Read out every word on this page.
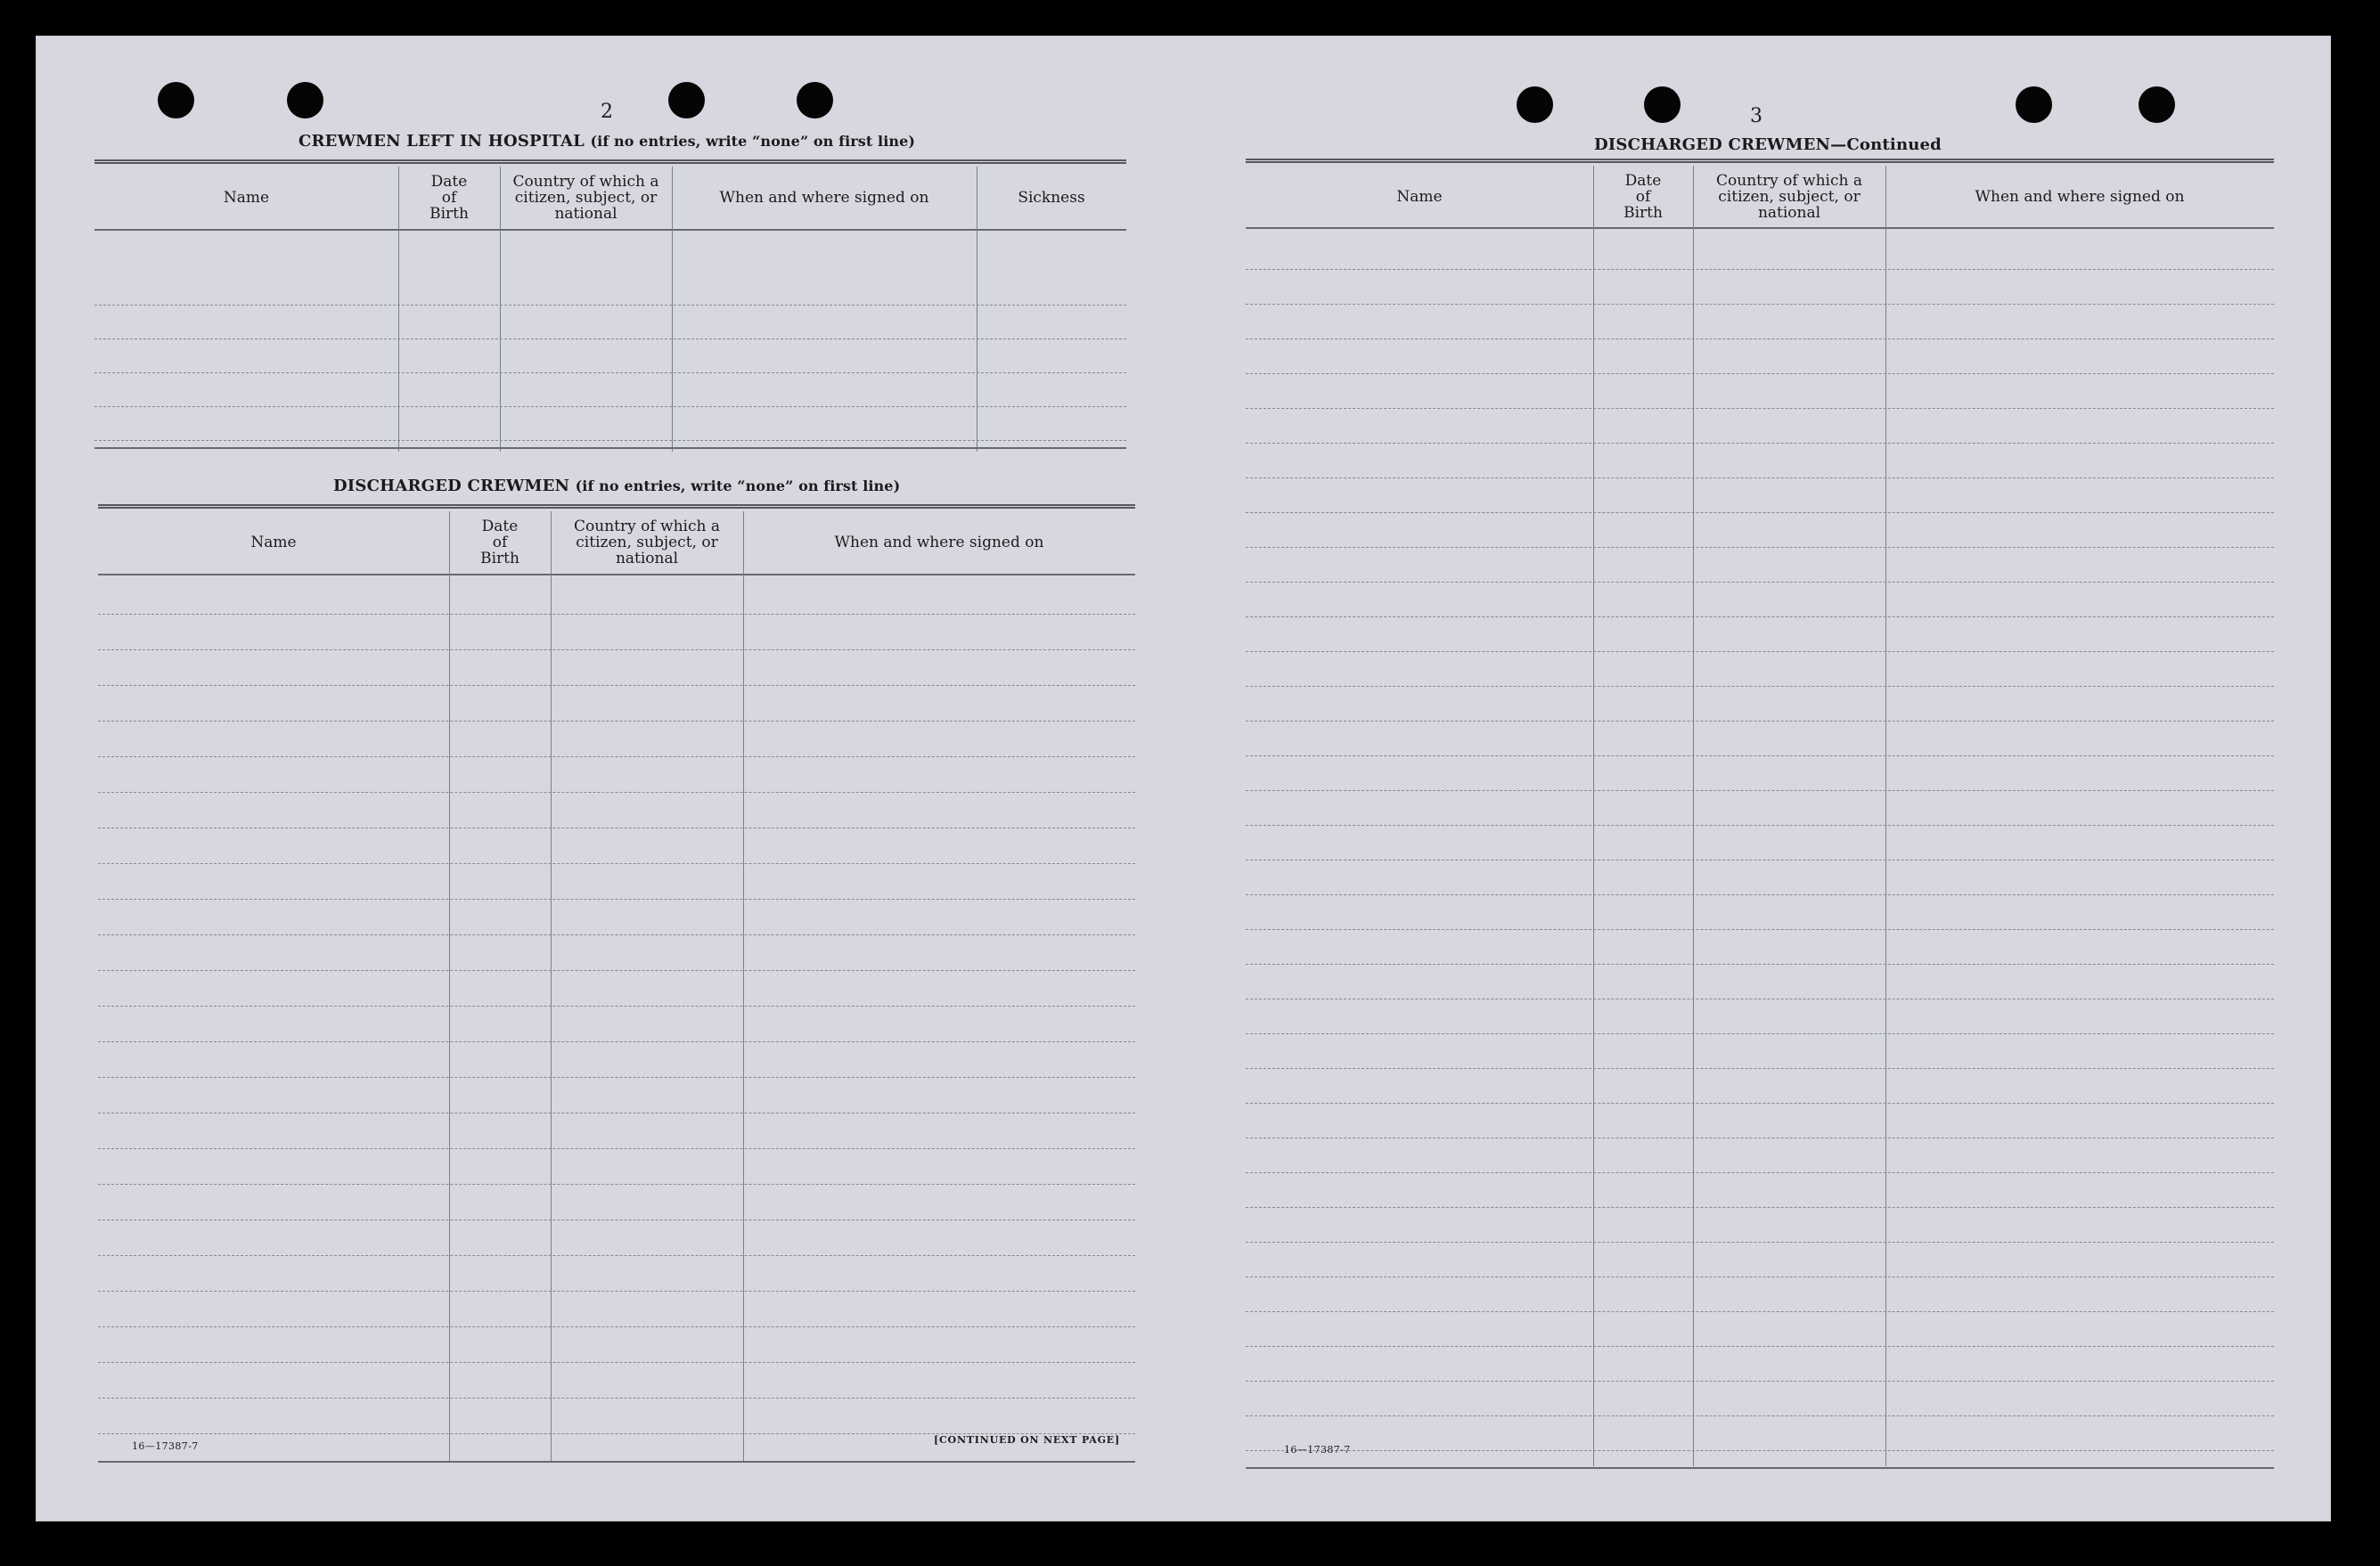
2
CREWMEN LEFT IN HOSPITAL (if no entries, write “none” on first line)
Name
Date
of
Birth
Country of which a
citizen, subject, or
national
When and where signed on	Sickness
DISCHARGED CREWMEN (if no entries, write “none” on first line)
Name
Date
of
Birth
Country of which a
citizen, subject, or
national
When and where signed on
16—17387-7
[CONTINUED ON NEXT PAGE]
3
DISCHARGED CREWMEN—Continued
Name
Date
of
Birth
Country of which a
citizen, subject, or
national
When and where signed on
16—17387-7
